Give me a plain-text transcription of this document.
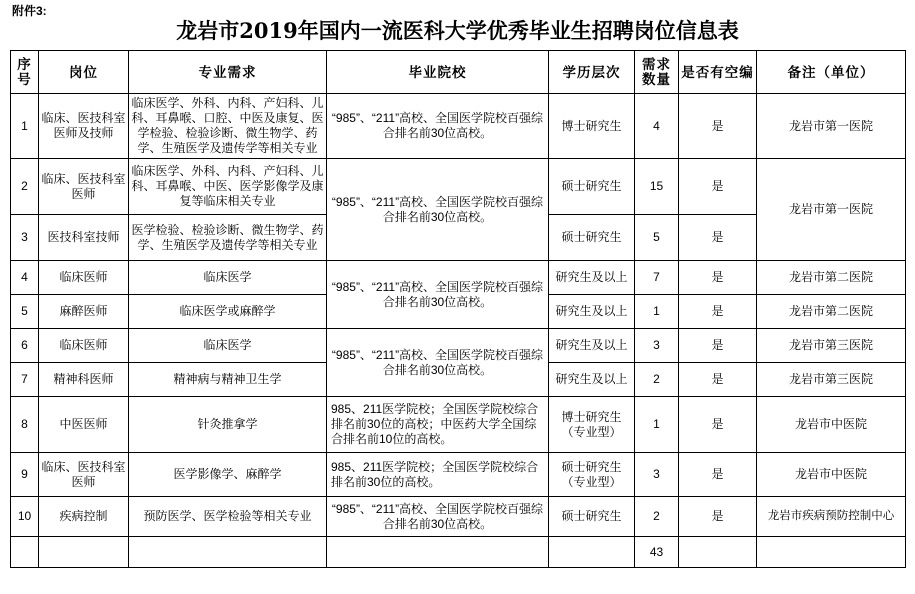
附件3:
龙岩市2019年国内一流医科大学优秀毕业生招聘岗位信息表
序号	岗位	专业需求	毕业院校	学历层次	需求数量	是否有空编	备注（单位）
1	临床、医技科室医师及技师	临床医学、外科、内科、产妇科、儿科、耳鼻喉、口腔、中医及康复、医学检验、检验诊断、微生物学、药学、生殖医学及遗传学等相关专业	“985”、“211”高校、全国医学院校百强综合排名前30位高校。	博士研究生	4	是	龙岩市第一医院
2	临床、医技科室医师	临床医学、外科、内科、产妇科、儿科、耳鼻喉、中医、医学影像学及康复等临床相关专业	“985”、“211”高校、全国医学院校百强综合排名前30位高校。	硕士研究生	15	是	龙岩市第一医院
3	医技科室技师	医学检验、检验诊断、微生物学、药学、生殖医学及遗传学等相关专业		硕士研究生	5	是	
4	临床医师	临床医学	“985”、“211”高校、全国医学院校百强综合排名前30位高校。	研究生及以上	7	是	龙岩市第二医院
5	麻醉医师	临床医学或麻醉学		研究生及以上	1	是	龙岩市第二医院
6	临床医师	临床医学	“985”、“211”高校、全国医学院校百强综合排名前30位高校。	研究生及以上	3	是	龙岩市第三医院
7	精神科医师	精神病与精神卫生学		研究生及以上	2	是	龙岩市第三医院
8	中医医师	针灸推拿学	985、211医学院校；全国医学院校综合排名前30位的高校；中医药大学全国综合排名前10位的高校。	博士研究生（专业型）	1	是	龙岩市中医院
9	临床、医技科室医师	医学影像学、麻醉学	985、211医学院校；全国医学院校综合排名前30位的高校。	硕士研究生（专业型）	3	是	龙岩市中医院
10	疾病控制	预防医学、医学检验等相关专业	“985”、“211”高校、全国医学院校百强综合排名前30位高校。	硕士研究生	2	是	龙岩市疾病预防控制中心
					43		
